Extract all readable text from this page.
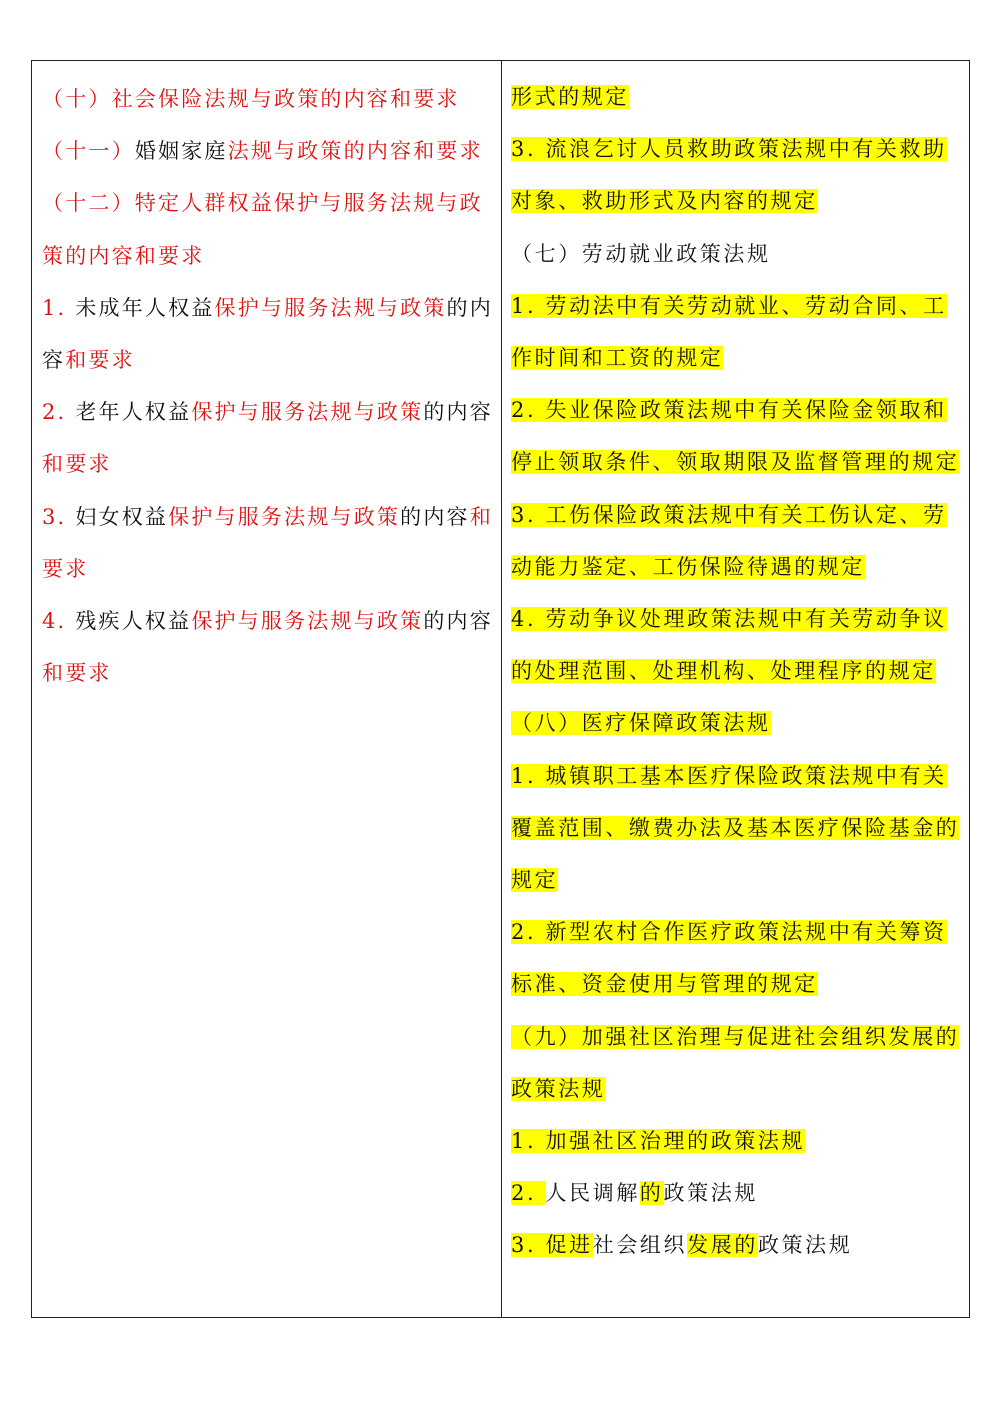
（十）社会保险法规与政策的内容和要求

（十一）婚姻家庭法规与政策的内容和要求

（十二）特定人群权益保护与服务法规与政策的内容和要求

1. 未成年人权益保护与服务法规与政策的内容和要求

2. 老年人权益保护与服务法规与政策的内容和要求

3. 妇女权益保护与服务法规与政策的内容和要求

4. 残疾人权益保护与服务法规与政策的内容和要求

形式的规定

3. 流浪乞讨人员救助政策法规中有关救助对象、救助形式及内容的规定

（七）劳动就业政策法规

1. 劳动法中有关劳动就业、劳动合同、工作时间和工资的规定

2. 失业保险政策法规中有关保险金领取和停止领取条件、领取期限及监督管理的规定

3. 工伤保险政策法规中有关工伤认定、劳动能力鉴定、工伤保险待遇的规定

4. 劳动争议处理政策法规中有关劳动争议的处理范围、处理机构、处理程序的规定

（八）医疗保障政策法规

1. 城镇职工基本医疗保险政策法规中有关覆盖范围、缴费办法及基本医疗保险基金的规定

2. 新型农村合作医疗政策法规中有关筹资标准、资金使用与管理的规定

（九）加强社区治理与促进社会组织发展的政策法规

1. 加强社区治理的政策法规

2. 人民调解的政策法规

3. 促进社会组织发展的政策法规
